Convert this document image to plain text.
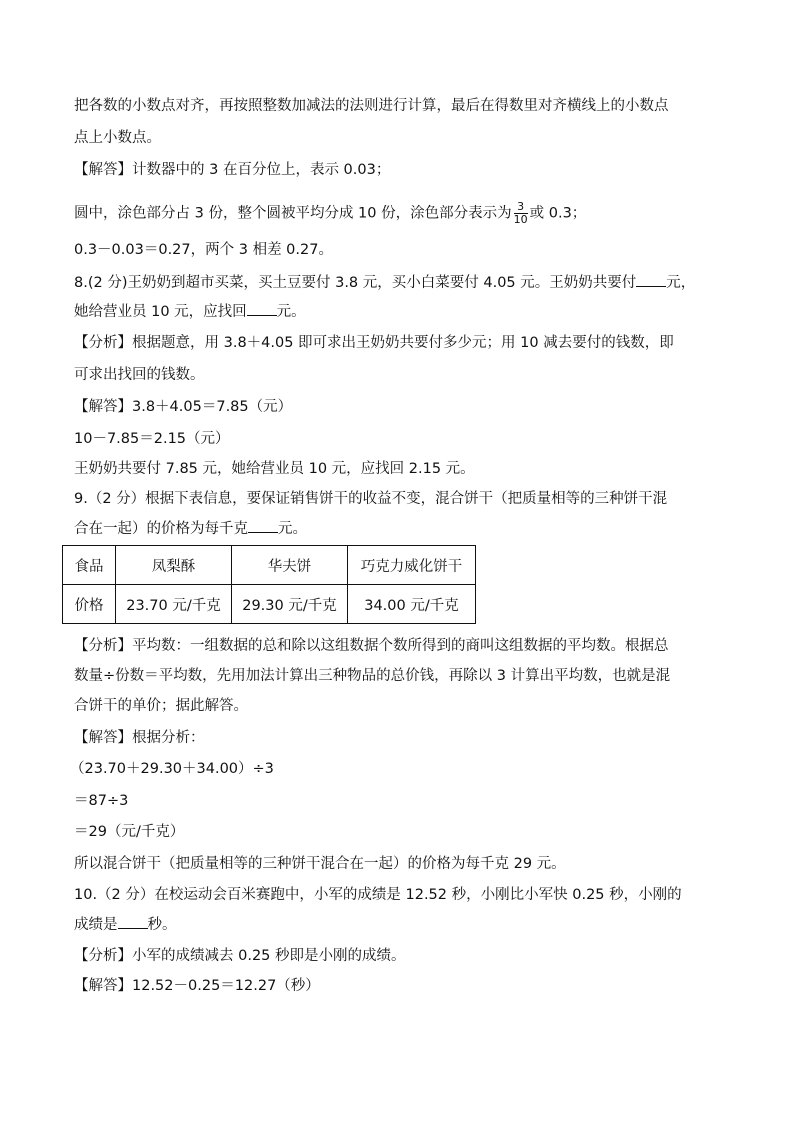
把各数的小数点对齐，再按照整数加减法的法则进行计算，最后在得数里对齐横线上的小数点
点上小数点。
【解答】计数器中的 3 在百分位上，表示 0.03；
圆中，涂色部分占 3 份，整个圆被平均分成 10 份，涂色部分表示为 $\frac{3}{10}$ 或 0.3；
0.3－0.03＝0.27，两个 3 相差 0.27。
8.(2 分)王奶奶到超市买菜，买土豆要付 3.8 元，买小白菜要付 4.05 元。王奶奶共要付 元，
她给营业员 10 元，应找回 元。
【分析】根据题意，用 3.8＋4.05 即可求出王奶奶共要付多少元；用 10 减去要付的钱数，即
可求出找回的钱数。
【解答】3.8＋4.05＝7.85（元）
10－7.85＝2.15（元）
王奶奶共要付 7.85 元，她给营业员 10 元，应找回 2.15 元。
9.（2 分）根据下表信息，要保证销售饼干的收益不变，混合饼干（把质量相等的三种饼干混
合在一起）的价格为每千克 元。
食品	凤梨酥	华夫饼	巧克力威化饼干
价格	23.70 元/千克	29.30 元/千克	34.00 元/千克
【分析】平均数：一组数据的总和除以这组数据个数所得到的商叫这组数据的平均数。根据总
数量÷份数＝平均数，先用加法计算出三种物品的总价钱，再除以 3 计算出平均数，也就是混
合饼干的单价；据此解答。
【解答】根据分析：
（23.70＋29.30＋34.00）÷3
＝87÷3
＝29（元/千克）
所以混合饼干（把质量相等的三种饼干混合在一起）的价格为每千克 29 元。
10.（2 分）在校运动会百米赛跑中，小军的成绩是 12.52 秒，小刚比小军快 0.25 秒，小刚的
成绩是 秒。
【分析】小军的成绩减去 0.25 秒即是小刚的成绩。
【解答】12.52－0.25＝12.27（秒）
